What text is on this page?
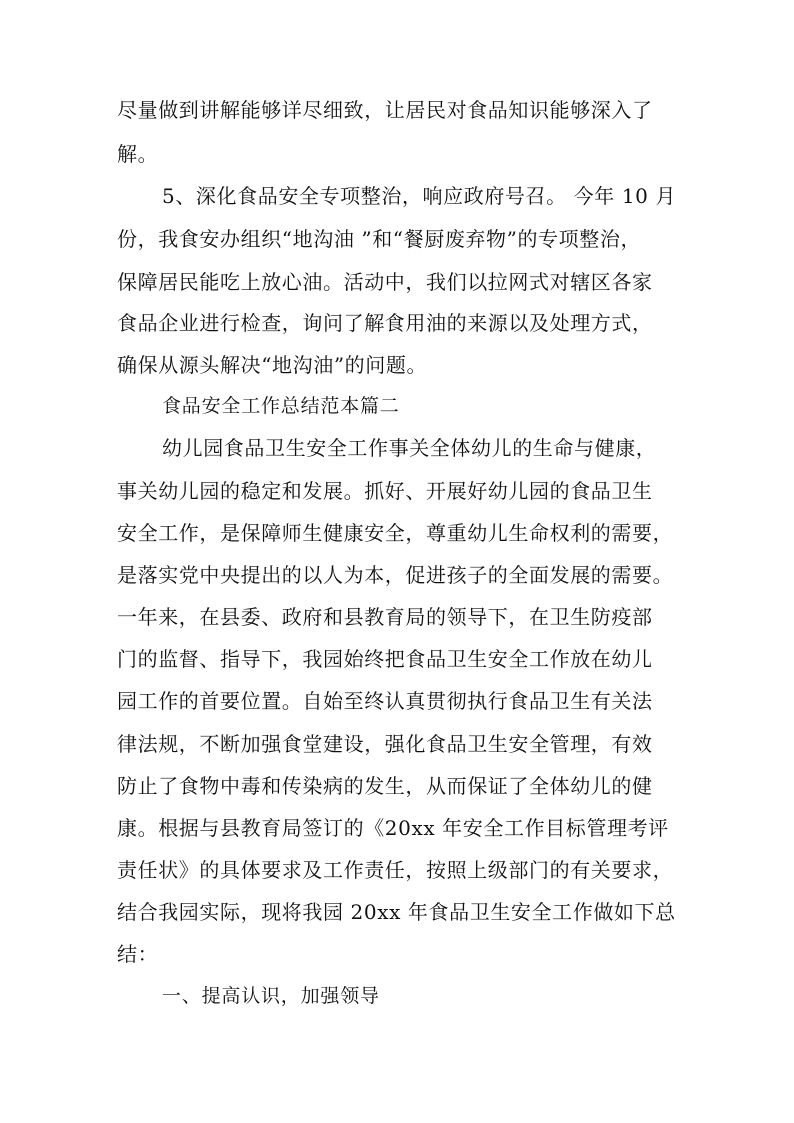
尽量做到讲解能够详尽细致，让居民对食品知识能够深入了
解。
5、深化食品安全专项整治，响应政府号召。 今年 10 月
份，我食安办组织“地沟油 ”和“餐厨废弃物”的专项整治，
保障居民能吃上放心油。活动中，我们以拉网式对辖区各家
食品企业进行检查，询问了解食用油的来源以及处理方式，
确保从源头解决“地沟油”的问题。
食品安全工作总结范本篇二
幼儿园食品卫生安全工作事关全体幼儿的生命与健康，
事关幼儿园的稳定和发展。抓好、开展好幼儿园的食品卫生
安全工作，是保障师生健康安全，尊重幼儿生命权利的需要，
是落实党中央提出的以人为本，促进孩子的全面发展的需要。
一年来，在县委、政府和县教育局的领导下，在卫生防疫部
门的监督、指导下，我园始终把食品卫生安全工作放在幼儿
园工作的首要位置。自始至终认真贯彻执行食品卫生有关法
律法规，不断加强食堂建设，强化食品卫生安全管理，有效
防止了食物中毒和传染病的发生，从而保证了全体幼儿的健
康。根据与县教育局签订的《20xx 年安全工作目标管理考评
责任状》的具体要求及工作责任，按照上级部门的有关要求，
结合我园实际，现将我园 20xx 年食品卫生安全工作做如下总
结：
一、提高认识，加强领导
